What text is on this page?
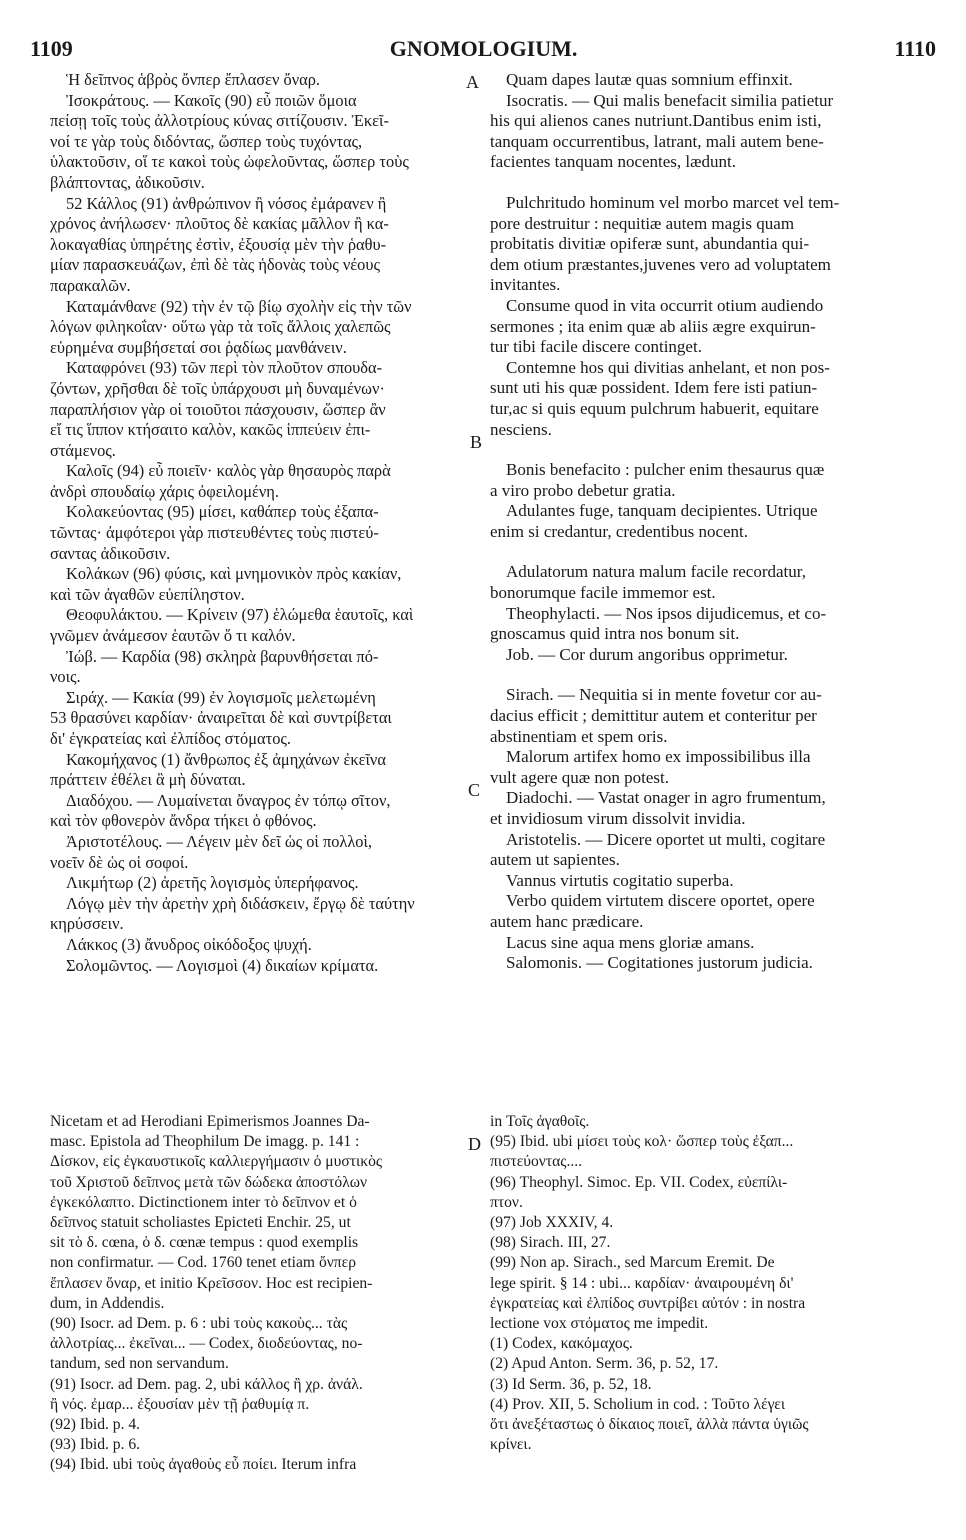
1109	GNOMOLOGIUM.	1110
A
B
C
D

Ἡ δεῖπνος ἁβρὸς ὄνπερ ἔπλασεν ὄναρ.

Ἰσοκράτους. — Κακοῖς (90) εὖ ποιῶν ὅμοια

πείσῃ τοῖς τοὺς ἀλλοτρίους κύνας σιτίζουσιν. Ἐκεῖ-

νοί τε γὰρ τοὺς διδόντας, ὥσπερ τοὺς τυχόντας,

ὑλακτοῦσιν, οἵ τε κακοὶ τοὺς ὠφελοῦντας, ὥσπερ τοὺς

βλάπτοντας, ἀδικοῦσιν.

52 Κάλλος (91) ἀνθρώπινον ἢ νόσος ἐμάρανεν ἢ

χρόνος ἀνήλωσεν· πλοῦτος δὲ κακίας μᾶλλον ἢ κα-

λοκαγαθίας ὑπηρέτης ἐστὶν, ἐξουσίᾳ μὲν τὴν ῥαθυ-

μίαν παρασκευάζων, ἐπὶ δὲ τὰς ἡδονὰς τοὺς νέους

παρακαλῶν.

Καταμάνθανε (92) τὴν ἐν τῷ βίῳ σχολὴν εἰς τὴν τῶν

λόγων φιληκοΐαν· οὕτω γὰρ τὰ τοῖς ἄλλοις χαλεπῶς

εὑρημένα συμβήσεταί σοι ῥᾳδίως μανθάνειν.

Καταφρόνει (93) τῶν περὶ τὸν πλοῦτον σπουδα-

ζόντων, χρῆσθαι δὲ τοῖς ὑπάρχουσι μὴ δυναμένων·

παραπλήσιον γὰρ οἱ τοιοῦτοι πάσχουσιν, ὥσπερ ἂν

εἴ τις ἵππον κτήσαιτο καλὸν, κακῶς ἱππεύειν ἐπι-

στάμενος.

Καλοῖς (94) εὖ ποιεῖν· καλὸς γὰρ θησαυρὸς παρὰ

ἀνδρὶ σπουδαίῳ χάρις ὀφειλομένη.

Κολακεύοντας (95) μίσει, καθάπερ τοὺς ἐξαπα-

τῶντας· ἀμφότεροι γὰρ πιστευθέντες τοὺς πιστεύ-

σαντας ἀδικοῦσιν.

Κολάκων (96) φύσις, καὶ μνημονικὸν πρὸς κακίαν,

καὶ τῶν ἀγαθῶν εὐεπίληστον.

Θεοφυλάκτου. — Κρίνειν (97) ἑλώμεθα ἑαυτοῖς, καὶ

γνῶμεν ἀνάμεσον ἑαυτῶν ὅ τι καλόν.

Ἰώβ. — Καρδία (98) σκληρὰ βαρυνθήσεται πό-

νοις.

Σιράχ. — Κακία (99) ἐν λογισμοῖς μελετωμένη

53 θρασύνει καρδίαν· ἀναιρεῖται δὲ καὶ συντρίβεται

δι' ἐγκρατείας καὶ ἐλπίδος στόματος.

Κακομήχανος (1) ἄνθρωπος ἐξ ἀμηχάνων ἐκεῖνα

πράττειν ἐθέλει ἃ μὴ δύναται.

Διαδόχου. — Λυμαίνεται ὄναγρος ἐν τόπῳ σῖτον,

καὶ τὸν φθονερὸν ἄνδρα τήκει ὁ φθόνος.

Ἀριστοτέλους. — Λέγειν μὲν δεῖ ὡς οἱ πολλοὶ,

νοεῖν δὲ ὡς οἱ σοφοί.

Λικμήτωρ (2) ἀρετῆς λογισμὸς ὑπερήφανος.

Λόγῳ μὲν τὴν ἀρετὴν χρὴ διδάσκειν, ἔργῳ δὲ ταύτην

κηρύσσειν.

Λάκκος (3) ἄνυδρος οἰκόδοξος ψυχή.

Σολομῶντος. — Λογισμοὶ (4) δικαίων κρίματα.

Quam dapes lautæ quas somnium effinxit.

Isocratis. — Qui malis benefacit similia patietur

his qui alienos canes nutriunt.Dantibus enim isti,

tanquam occurrentibus, latrant, mali autem bene-

facientes tanquam nocentes, lædunt.

Pulchritudo hominum vel morbo marcet vel tem-

pore destruitur : nequitiæ autem magis quam

probitatis divitiæ opiferæ sunt, abundantia qui-

dem otium præstantes,juvenes vero ad voluptatem

invitantes.

Consume quod in vita occurrit otium audiendo

sermones ; ita enim quæ ab aliis ægre exquirun-

tur tibi facile discere continget.

Contemne hos qui divitias anhelant, et non pos-

sunt uti his quæ possident. Idem fere isti patiun-

tur,ac si quis equum pulchrum habuerit, equitare

nesciens.

Bonis benefacito : pulcher enim thesaurus quæ

a viro probo debetur gratia.

Adulantes fuge, tanquam decipientes. Utrique

enim si credantur, credentibus nocent.

Adulatorum natura malum facile recordatur,

bonorumque facile immemor est.

Theophylacti. — Nos ipsos dijudicemus, et co-

gnoscamus quid intra nos bonum sit.

Job. — Cor durum angoribus opprimetur.

Sirach. — Nequitia si in mente fovetur cor au-

dacius efficit ; demittitur autem et conteritur per

abstinentiam et spem oris.

Malorum artifex homo ex impossibilibus illa

vult agere quæ non potest.

Diadochi. — Vastat onager in agro frumentum,

et invidiosum virum dissolvit invidia.

Aristotelis. — Dicere oportet ut multi, cogitare

autem ut sapientes.

Vannus virtutis cogitatio superba.

Verbo quidem virtutem discere oportet, opere

autem hanc prædicare.

Lacus sine aqua mens gloriæ amans.

Salomonis. — Cogitationes justorum judicia.

Nicetam et ad Herodiani Epimerismos Joannes Da-

masc. Epistola ad Theophilum De imagg. p. 141 :

Δίσκον, εἰς ἐγκαυστικοῖς καλλιεργήμασιν ὁ μυστικὸς

τοῦ Χριστοῦ δεῖπνος μετὰ τῶν δώδεκα ἀποστόλων

ἐγκεκόλαπτο. Dictinctionem inter τὸ δεῖπνον et ὁ

δεῖπνος statuit scholiastes Epicteti Enchir. 25, ut

sit τὸ δ. cœna, ὁ δ. cœnæ tempus : quod exemplis

non confirmatur. — Cod. 1760 tenet etiam ὄνπερ

ἔπλασεν ὄναρ, et initio Κρεῖσσον. Hoc est recipien-

dum, in Addendis.

(90) Isocr. ad Dem. p. 6 : ubi τοὺς κακοὺς... τὰς

ἀλλοτρίας... ἐκεῖναι... — Codex, διοδεύοντας, no-

tandum, sed non servandum.

(91) Isocr. ad Dem. pag. 2, ubi κάλλος ἢ χρ. ἀνάλ.

ἢ νός. ἐμαρ... ἐξουσίαν μὲν τῇ ῥαθυμίᾳ π.

(92) Ibid. p. 4.

(93) Ibid. p. 6.

(94) Ibid. ubi τοὺς ἀγαθοὺς εὖ ποίει. Iterum infra

in Τοῖς ἀγαθοῖς.

(95) Ibid. ubi μίσει τοὺς κολ· ὥσπερ τοὺς ἐξαπ...

πιστεύοντας....

(96) Theophyl. Simoc. Ep. VII. Codex, εὐεπίλι-

πτον.

(97) Job XXXIV, 4.

(98) Sirach. III, 27.

(99) Non ap. Sirach., sed Marcum Eremit. De

lege spirit. § 14 : ubi... καρδίαν· ἀναιρουμένη δι'

ἐγκρατείας καὶ ἐλπίδος συντρίβει αὐτόν : in nostra

lectione vox στόματος me impedit.

(1) Codex, κακόμαχος.

(2) Apud Anton. Serm. 36, p. 52, 17.

(3) Id Serm. 36, p. 52, 18.

(4) Prov. XII, 5. Scholium in cod. : Τοῦτο λέγει

ὅτι ἀνεξέταστως ὁ δίκαιος ποιεῖ, ἀλλὰ πάντα ὑγιῶς

κρίνει.
